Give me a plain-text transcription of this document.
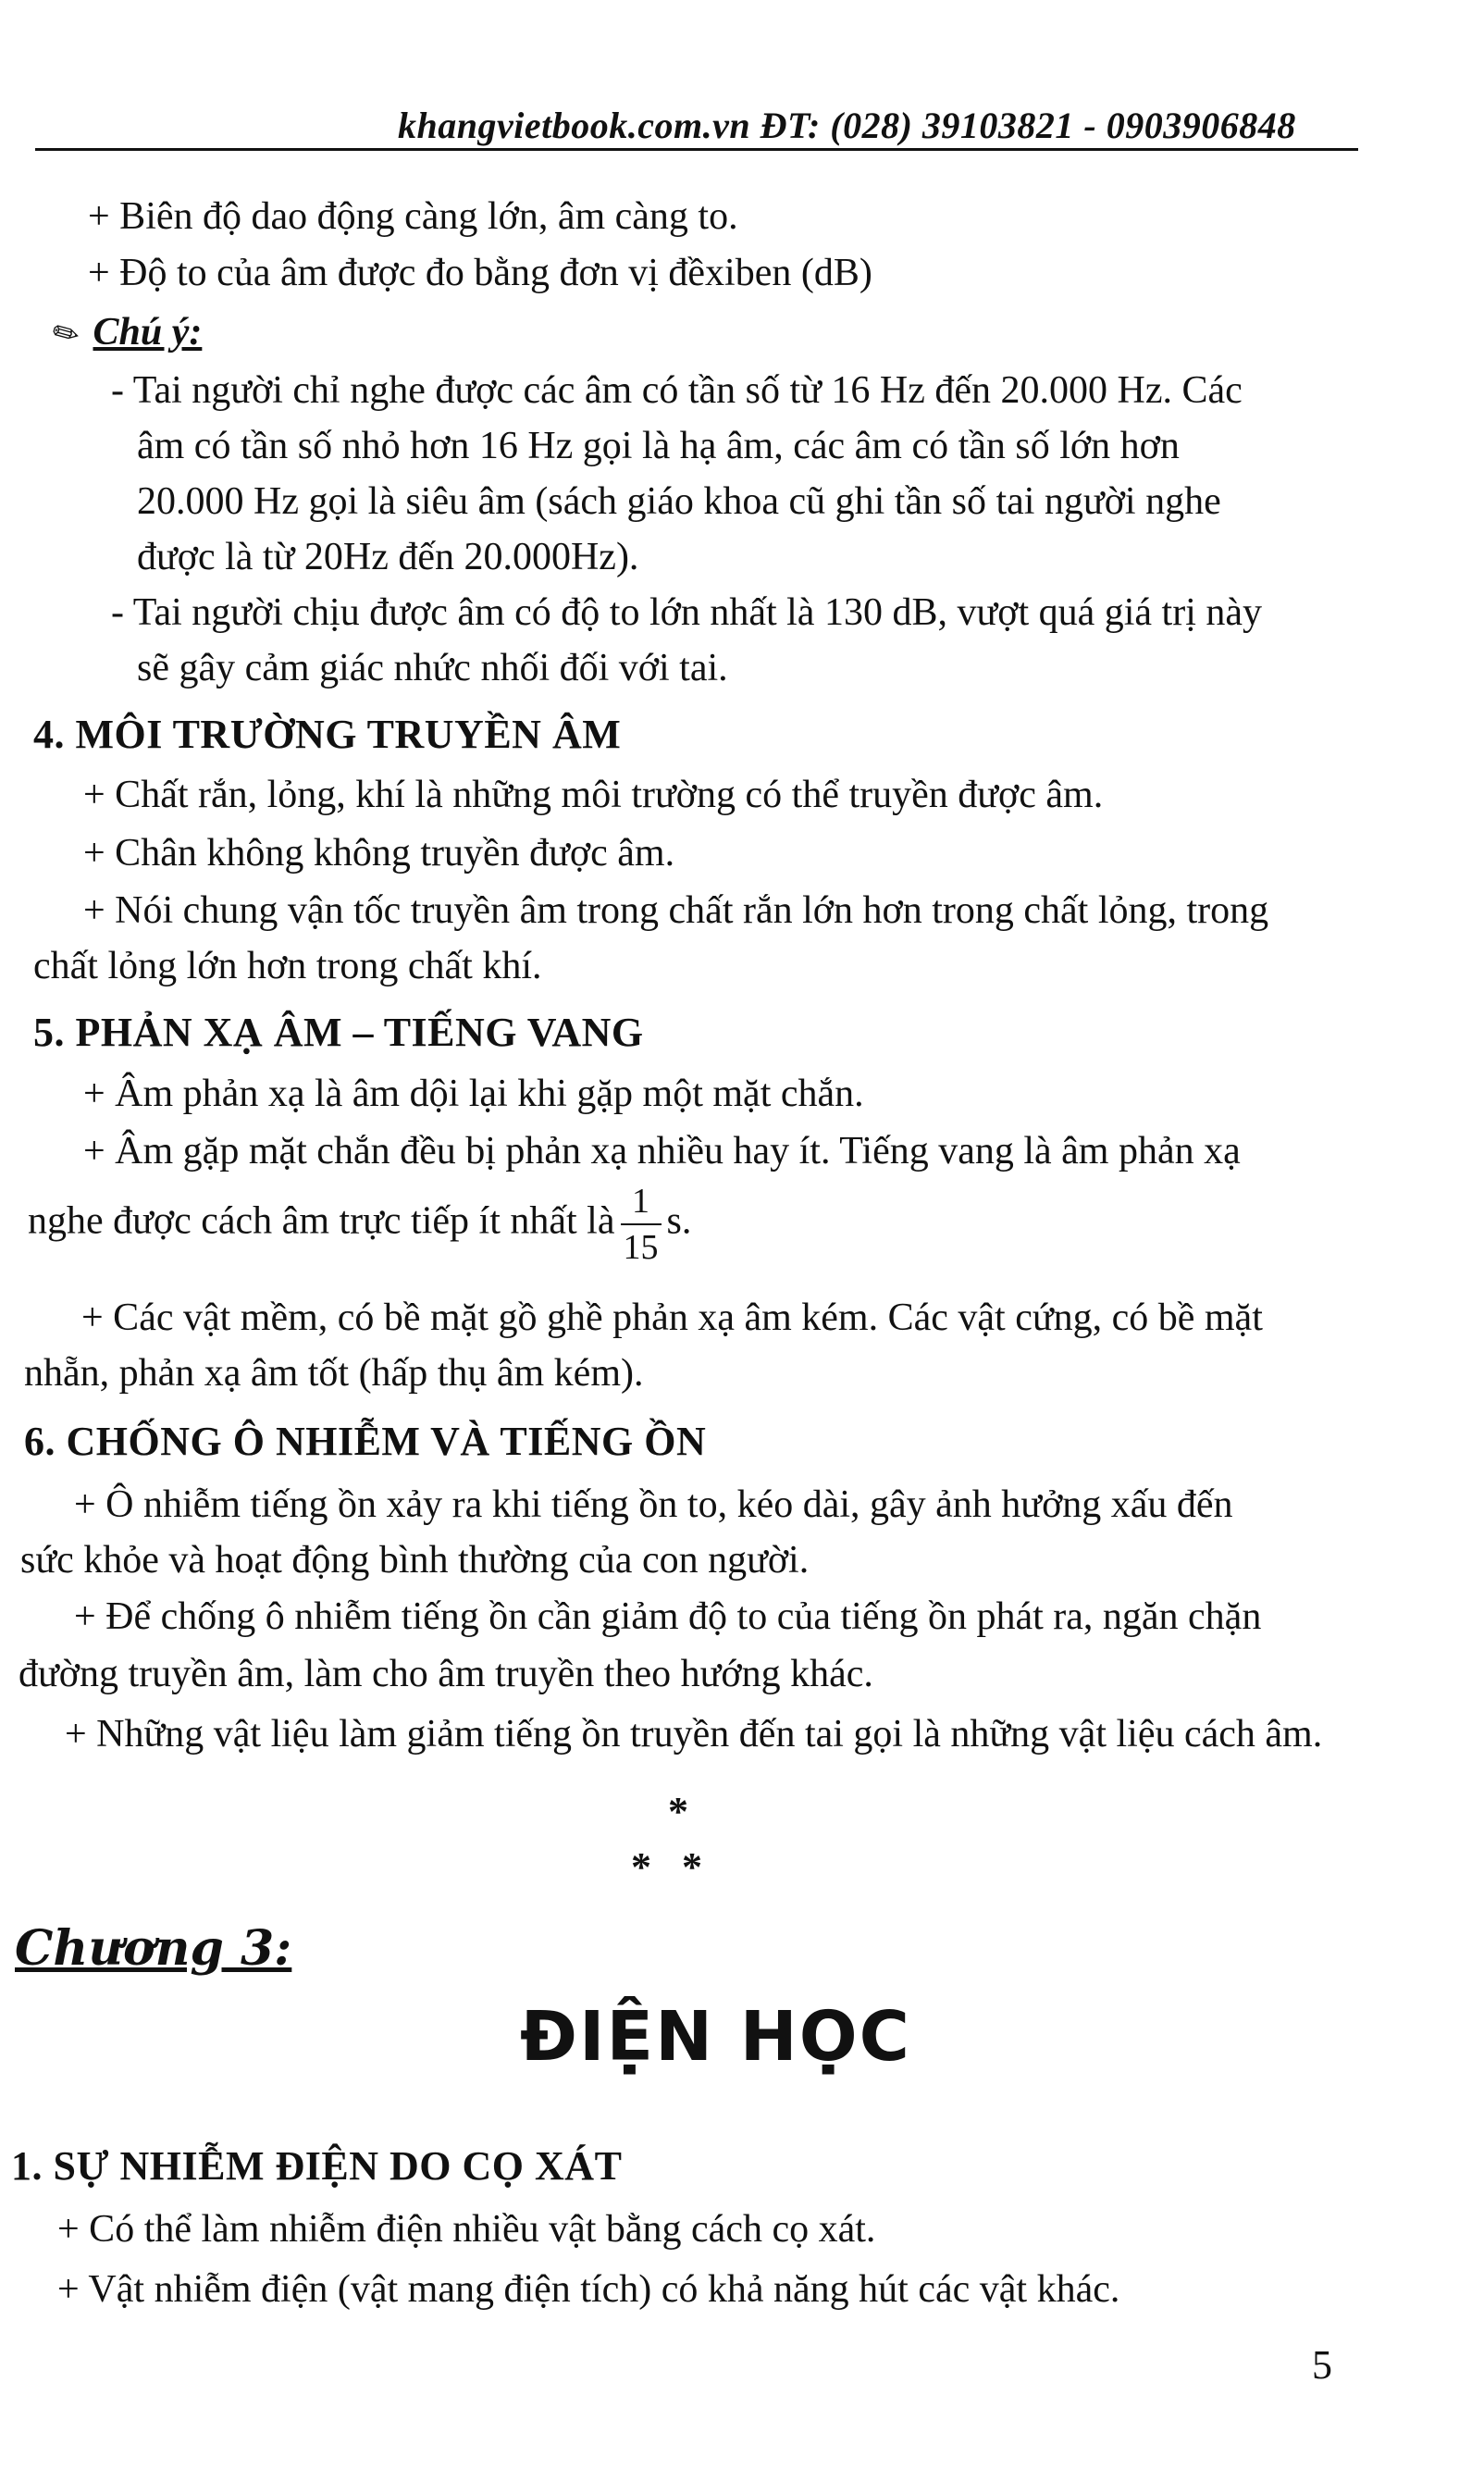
khangvietbook.com.vn ĐT: (028) 39103821 - 0903906848
+ Biên độ dao động càng lớn, âm càng to.
+ Độ to của âm được đo bằng đơn vị đềxiben (dB)
✎ Chú ý:
- Tai người chỉ nghe được các âm có tần số từ 16 Hz đến 20.000 Hz. Các
âm có tần số nhỏ hơn 16 Hz gọi là hạ âm, các âm có tần số lớn hơn
20.000 Hz gọi là siêu âm (sách giáo khoa cũ ghi tần số tai người nghe
được là từ 20Hz đến 20.000Hz).
- Tai người chịu được âm có độ to lớn nhất là 130 dB, vượt quá giá trị này
sẽ gây cảm giác nhức nhối đối với tai.
4. MÔI TRƯỜNG TRUYỀN ÂM
+ Chất rắn, lỏng, khí là những môi trường có thể truyền được âm.
+ Chân không không truyền được âm.
+ Nói chung vận tốc truyền âm trong chất rắn lớn hơn trong chất lỏng, trong
chất lỏng lớn hơn trong chất khí.
5. PHẢN XẠ ÂM – TIẾNG VANG
+ Âm phản xạ là âm dội lại khi gặp một mặt chắn.
+ Âm gặp mặt chắn đều bị phản xạ nhiều hay ít. Tiếng vang là âm phản xạ
nghe được cách âm trực tiếp ít nhất là $\frac{1}{15} s$.
+ Các vật mềm, có bề mặt gồ ghề phản xạ âm kém. Các vật cứng, có bề mặt
nhẵn, phản xạ âm tốt (hấp thụ âm kém).
6. CHỐNG Ô NHIỄM VÀ TIẾNG ỒN
+ Ô nhiễm tiếng ồn xảy ra khi tiếng ồn to, kéo dài, gây ảnh hưởng xấu đến
sức khỏe và hoạt động bình thường của con người.
+ Để chống ô nhiễm tiếng ồn cần giảm độ to của tiếng ồn phát ra, ngăn chặn
đường truyền âm, làm cho âm truyền theo hướng khác.
+ Những vật liệu làm giảm tiếng ồn truyền đến tai gọi là những vật liệu cách âm.
*
*   *
Chương 3:
ĐIỆN HỌC
1. SỰ NHIỄM ĐIỆN DO CỌ XÁT
+ Có thể làm nhiễm điện nhiều vật bằng cách cọ xát.
+ Vật nhiễm điện (vật mang điện tích) có khả năng hút các vật khác.
5
